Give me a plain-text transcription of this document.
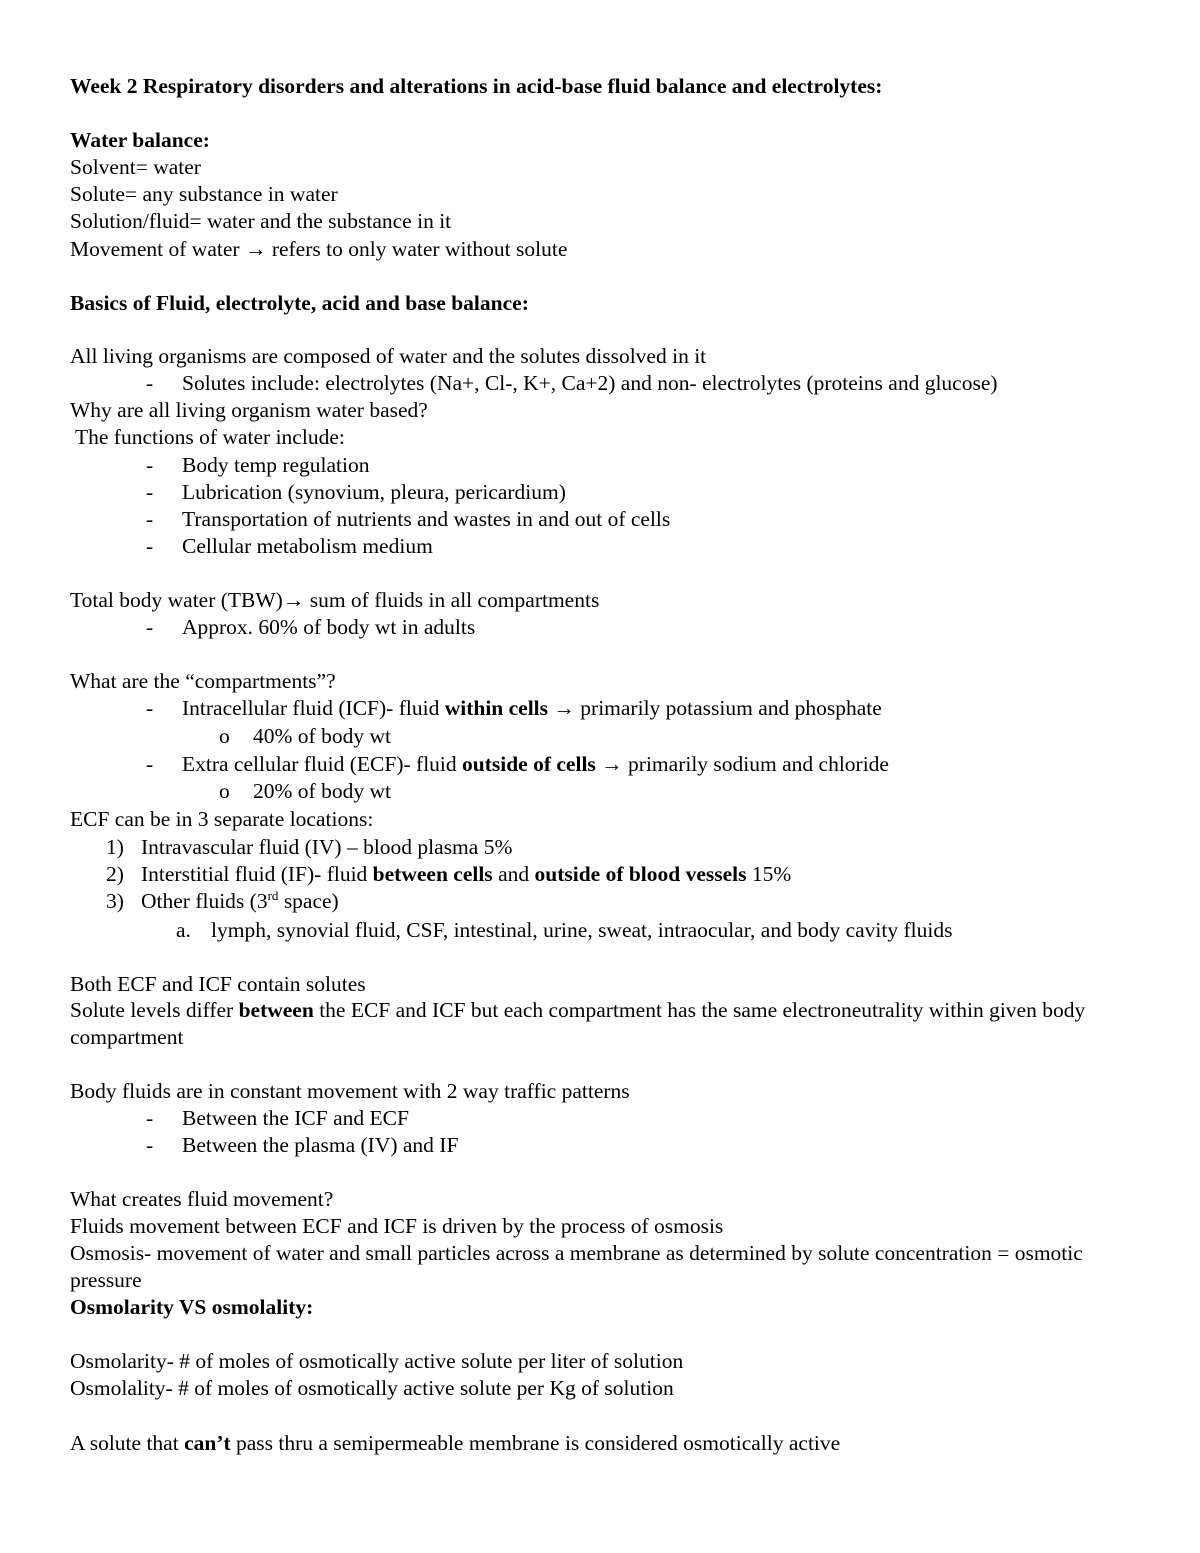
Week 2 Respiratory disorders and alterations in acid-base fluid balance and electrolytes:
Water balance:
Solvent= water
Solute= any substance in water
Solution/fluid= water and the substance in it
Movement of water → refers to only water without solute
Basics of Fluid, electrolyte, acid and base balance:
All living organisms are composed of water and the solutes dissolved in it
- Solutes include: electrolytes (Na+, Cl-, K+, Ca+2) and non- electrolytes (proteins and glucose)
Why are all living organism water based?
The functions of water include:
- Body temp regulation
- Lubrication (synovium, pleura, pericardium)
- Transportation of nutrients and wastes in and out of cells
- Cellular metabolism medium
Total body water (TBW)→ sum of fluids in all compartments
- Approx. 60% of body wt in adults
What are the “compartments”?
- Intracellular fluid (ICF)- fluid within cells → primarily potassium and phosphate
o 40% of body wt
- Extra cellular fluid (ECF)- fluid outside of cells → primarily sodium and chloride
o 20% of body wt
ECF can be in 3 separate locations:
1) Intravascular fluid (IV) – blood plasma 5%
2) Interstitial fluid (IF)- fluid between cells and outside of blood vessels 15%
3) Other fluids (3rd space)
a. lymph, synovial fluid, CSF, intestinal, urine, sweat, intraocular, and body cavity fluids
Both ECF and ICF contain solutes
Solute levels differ between the ECF and ICF but each compartment has the same electroneutrality within given body compartment
Body fluids are in constant movement with 2 way traffic patterns
- Between the ICF and ECF
- Between the plasma (IV) and IF
What creates fluid movement?
Fluids movement between ECF and ICF is driven by the process of osmosis
Osmosis- movement of water and small particles across a membrane as determined by solute concentration = osmotic pressure
Osmolarity VS osmolality:
Osmolarity- # of moles of osmotically active solute per liter of solution
Osmolality- # of moles of osmotically active solute per Kg of solution
A solute that can’t pass thru a semipermeable membrane is considered osmotically active
